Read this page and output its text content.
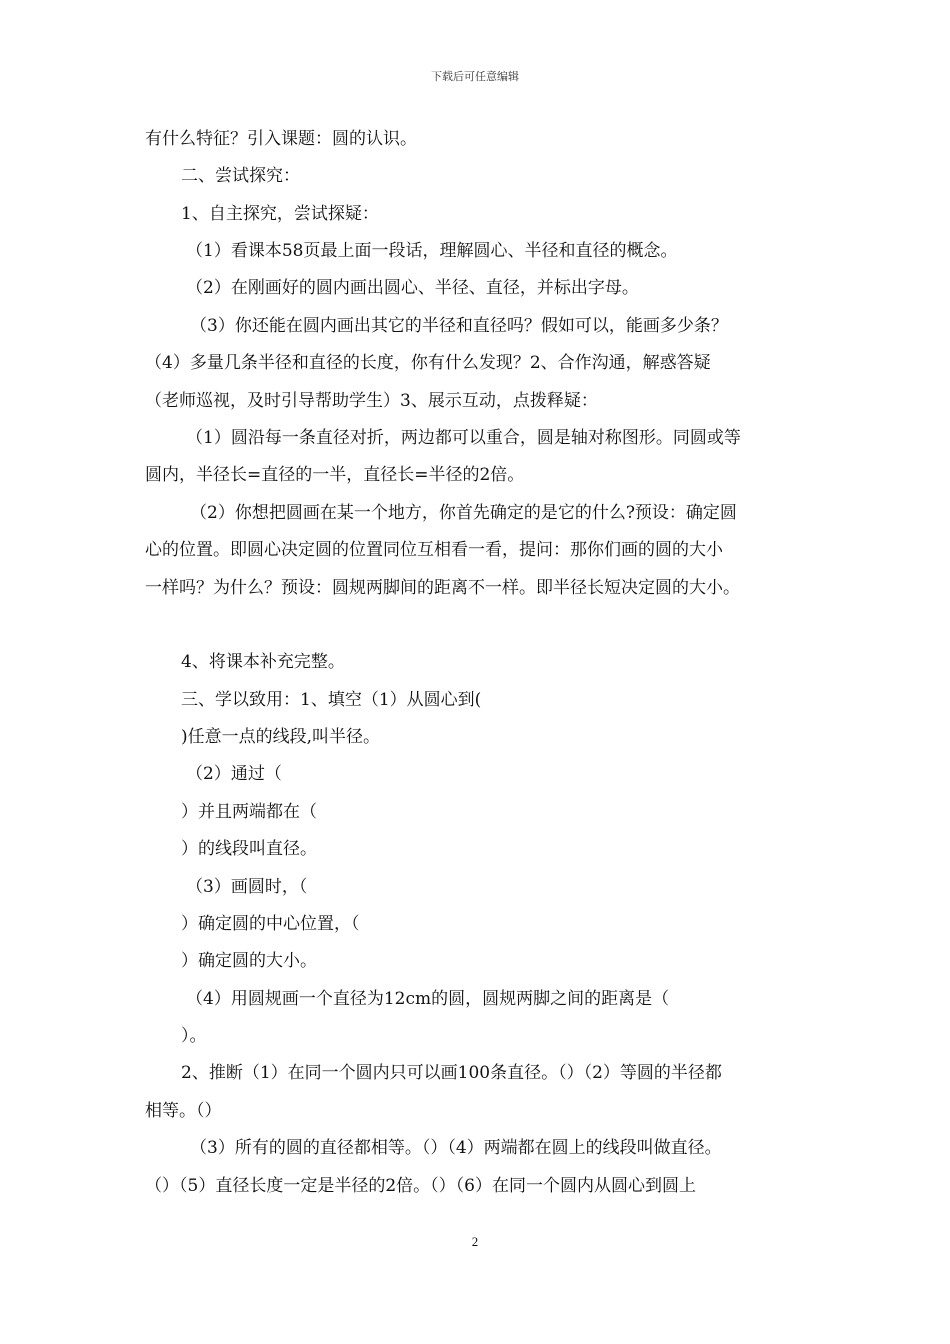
下载后可任意编辑
有什么特征？引入课题：圆的认识。
二、尝试探究：
1、自主探究，尝试探疑：
（1）看课本58页最上面一段话，理解圆心、半径和直径的概念。
（2）在刚画好的圆内画出圆心、半径、直径，并标出字母。
（3）你还能在圆内画出其它的半径和直径吗？假如可以，能画多少条？
（4）多量几条半径和直径的长度，你有什么发现？2、合作沟通，解惑答疑
（老师巡视，及时引导帮助学生）3、展示互动，点拨释疑：
（1）圆沿每一条直径对折，两边都可以重合，圆是轴对称图形。同圆或等
圆内，半径长=直径的一半，直径长=半径的2倍。
（2）你想把圆画在某一个地方，你首先确定的是它的什么?预设：确定圆
心的位置。即圆心决定圆的位置同位互相看一看，提问：那你们画的圆的大小
一样吗？为什么？预设：圆规两脚间的距离不一样。即半径长短决定圆的大小。
4、将课本补充完整。
三、学以致用：1、填空（1）从圆心到(
)任意一点的线段,叫半径。
（2）通过（
）并且两端都在（
）的线段叫直径。
（3）画圆时，（
）确定圆的中心位置，（
）确定圆的大小。
（4）用圆规画一个直径为12cm的圆，圆规两脚之间的距离是（
）。
2、推断（1）在同一个圆内只可以画100条直径。（）（2）等圆的半径都
相等。（）
（3）所有的圆的直径都相等。（）（4）两端都在圆上的线段叫做直径。
（）（5）直径长度一定是半径的2倍。（）（6）在同一个圆内从圆心到圆上
2
